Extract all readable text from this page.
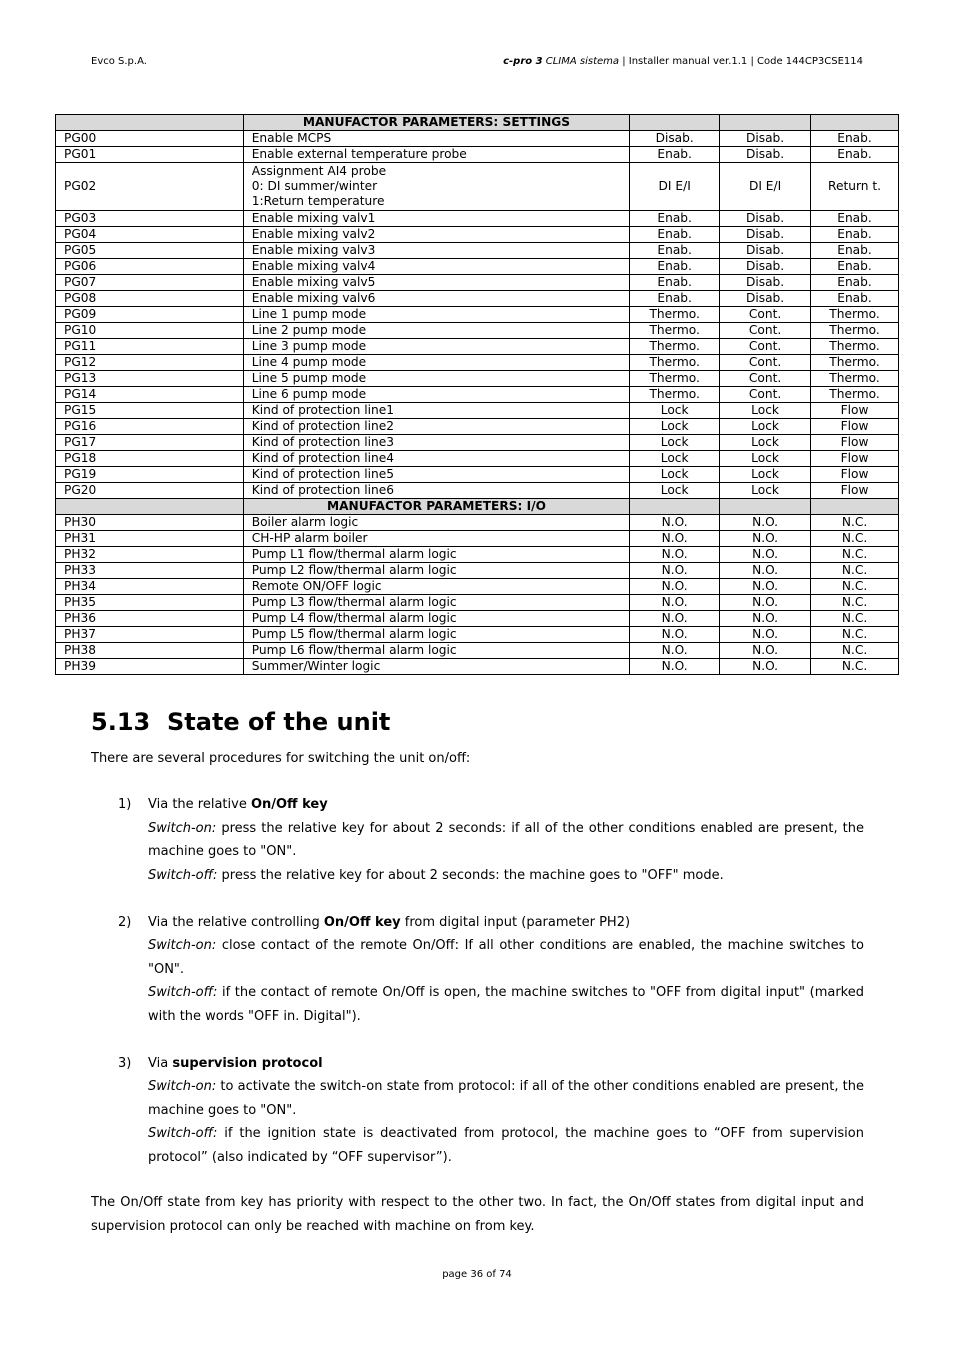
Evco S.p.A.	c-pro 3 CLIMA sistema | Installer manual ver.1.1 | Code 144CP3CSE114
	MANUFACTOR PARAMETERS: SETTINGS			
PG00	Enable MCPS	Disab.	Disab.	Enab.
PG01	Enable external temperature probe	Enab.	Disab.	Enab.
PG02	Assignment AI4 probe
0: DI summer/winter
1:Return temperature	DI E/I	DI E/I	Return t.
PG03	Enable mixing valv1	Enab.	Disab.	Enab.
PG04	Enable mixing valv2	Enab.	Disab.	Enab.
PG05	Enable mixing valv3	Enab.	Disab.	Enab.
PG06	Enable mixing valv4	Enab.	Disab.	Enab.
PG07	Enable mixing valv5	Enab.	Disab.	Enab.
PG08	Enable mixing valv6	Enab.	Disab.	Enab.
PG09	Line 1 pump mode	Thermo.	Cont.	Thermo.
PG10	Line 2 pump mode	Thermo.	Cont.	Thermo.
PG11	Line 3 pump mode	Thermo.	Cont.	Thermo.
PG12	Line 4 pump mode	Thermo.	Cont.	Thermo.
PG13	Line 5 pump mode	Thermo.	Cont.	Thermo.
PG14	Line 6 pump mode	Thermo.	Cont.	Thermo.
PG15	Kind of protection line1	Lock	Lock	Flow
PG16	Kind of protection line2	Lock	Lock	Flow
PG17	Kind of protection line3	Lock	Lock	Flow
PG18	Kind of protection line4	Lock	Lock	Flow
PG19	Kind of protection line5	Lock	Lock	Flow
PG20	Kind of protection line6	Lock	Lock	Flow
	MANUFACTOR PARAMETERS: I/O			
PH30	Boiler alarm logic	N.O.	N.O.	N.C.
PH31	CH-HP alarm boiler	N.O.	N.O.	N.C.
PH32	Pump L1 flow/thermal alarm logic	N.O.	N.O.	N.C.
PH33	Pump L2 flow/thermal alarm logic	N.O.	N.O.	N.C.
PH34	Remote ON/OFF logic	N.O.	N.O.	N.C.
PH35	Pump L3 flow/thermal alarm logic	N.O.	N.O.	N.C.
PH36	Pump L4 flow/thermal alarm logic	N.O.	N.O.	N.C.
PH37	Pump L5 flow/thermal alarm logic	N.O.	N.O.	N.C.
PH38	Pump L6 flow/thermal alarm logic	N.O.	N.O.	N.C.
PH39	Summer/Winter logic	N.O.	N.O.	N.C.
5.13 State of the unit
There are several procedures for switching the unit on/off:
1)	Via the relative On/Off key
Switch-on: press the relative key for about 2 seconds: if all of the other conditions enabled are present, the machine goes to "ON".
Switch-off: press the relative key for about 2 seconds: the machine goes to "OFF" mode.
2)	Via the relative controlling On/Off key from digital input (parameter PH2)
Switch-on: close contact of the remote On/Off: If all other conditions are enabled, the machine switches to "ON".
Switch-off: if the contact of remote On/Off is open, the machine switches to "OFF from digital input" (marked with the words "OFF in. Digital").
3)	Via supervision protocol
Switch-on: to activate the switch-on state from protocol: if all of the other conditions enabled are present, the machine goes to "ON".
Switch-off: if the ignition state is deactivated from protocol, the machine goes to “OFF from supervision protocol” (also indicated by “OFF supervisor”).
The On/Off state from key has priority with respect to the other two. In fact, the On/Off states from digital input and supervision protocol can only be reached with machine on from key.
page 36 of 74
